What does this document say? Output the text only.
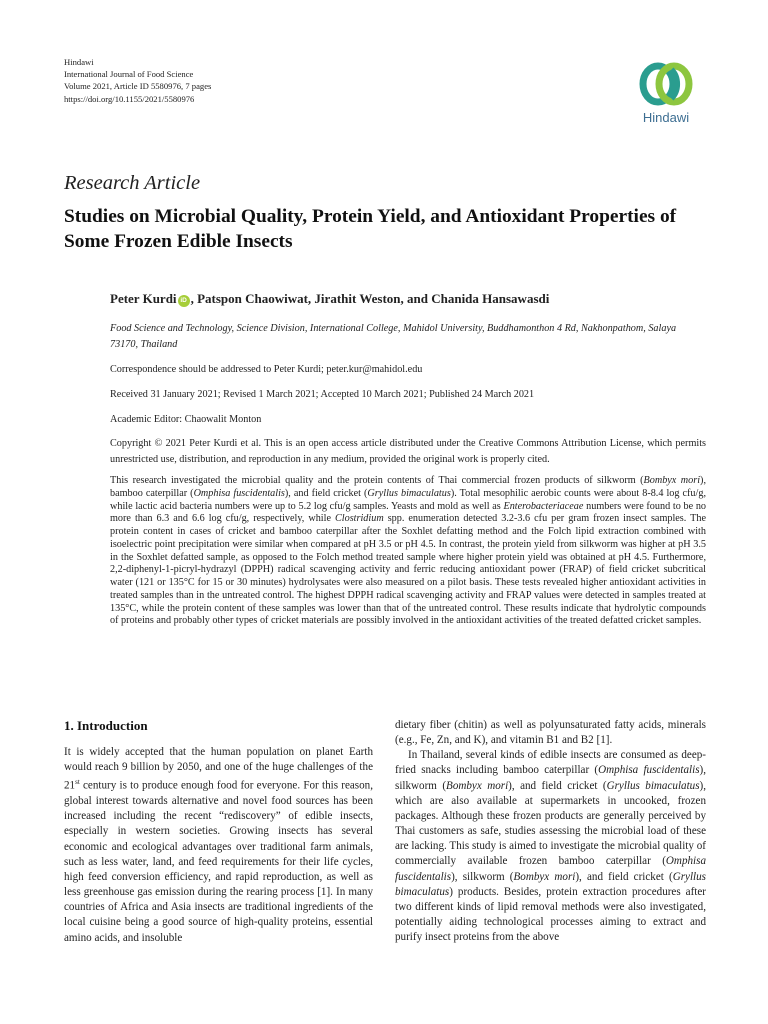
Hindawi
International Journal of Food Science
Volume 2021, Article ID 5580976, 7 pages
https://doi.org/10.1155/2021/5580976
Hindawi
Research Article
Studies on Microbial Quality, Protein Yield, and Antioxidant Properties of Some Frozen Edible Insects
Peter Kurdi iD , Patspon Chaowiwat, Jirathit Weston, and Chanida Hansawasdi
Food Science and Technology, Science Division, International College, Mahidol University, Buddhamonthon 4 Rd, Nakhonpathom, Salaya 73170, Thailand
Correspondence should be addressed to Peter Kurdi; peter.kur@mahidol.edu
Received 31 January 2021; Revised 1 March 2021; Accepted 10 March 2021; Published 24 March 2021
Academic Editor: Chaowalit Monton
Copyright © 2021 Peter Kurdi et al. This is an open access article distributed under the Creative Commons Attribution License, which permits unrestricted use, distribution, and reproduction in any medium, provided the original work is properly cited.
This research investigated the microbial quality and the protein contents of Thai commercial frozen products of silkworm (Bombyx mori), bamboo caterpillar (Omphisa fuscidentalis), and field cricket (Gryllus bimaculatus). Total mesophilic aerobic counts were about 8-8.4 log cfu/g, while lactic acid bacteria numbers were up to 5.2 log cfu/g samples. Yeasts and mold as well as Enterobacteriaceae numbers were found to be no more than 6.3 and 6.6 log cfu/g, respectively, while Clostridium spp. enumeration detected 3.2-3.6 cfu per gram frozen insect samples. The protein content in cases of cricket and bamboo caterpillar after the Soxhlet defatting method and the Folch lipid extraction combined with isoelectric point precipitation were similar when compared at pH 3.5 or pH 4.5. In contrast, the protein yield from silkworm was higher at pH 3.5 in the Soxhlet defatted sample, as opposed to the Folch method treated sample where higher protein yield was obtained at pH 4.5. Furthermore, 2,2-diphenyl-1-picryl-hydrazyl (DPPH) radical scavenging activity and ferric reducing antioxidant power (FRAP) of field cricket subcritical water (121 or 135°C for 15 or 30 minutes) hydrolysates were also measured on a pilot basis. These tests revealed higher antioxidant activities in treated samples than in the untreated control. The highest DPPH radical scavenging activity and FRAP values were detected in samples treated at 135°C, while the protein content of these samples was lower than that of the untreated control. These results indicate that hydrolytic compounds of proteins and probably other types of cricket materials are possibly involved in the antioxidant activities of the treated defatted cricket samples.
1. Introduction

It is widely accepted that the human population on planet Earth would reach 9 billion by 2050, and one of the huge challenges of the 21st century is to produce enough food for everyone. For this reason, global interest towards alternative and novel food sources has been increased including the recent “rediscovery” of edible insects, especially in western societies. Growing insects has several economic and ecological advantages over traditional farm animals, such as less water, land, and feed requirements for their life cycles, high feed conversion efficiency, and rapid reproduction, as well as less greenhouse gas emission during the rearing process [1]. In many countries of Africa and Asia insects are traditional ingredients of the local cuisine being a good source of high-quality proteins, essential amino acids, and insoluble

dietary fiber (chitin) as well as polyunsaturated fatty acids, minerals (e.g., Fe, Zn, and K), and vitamin B1 and B2 [1].

In Thailand, several kinds of edible insects are consumed as deep-fried snacks including bamboo caterpillar (Omphisa fuscidentalis), silkworm (Bombyx mori), and field cricket (Gryllus bimaculatus), which are also available at supermarkets in uncooked, frozen packages. Although these frozen products are generally perceived by Thai customers as safe, studies assessing the microbial load of these are lacking. This study is aimed to investigate the microbial quality of commercially available frozen bamboo caterpillar (Omphisa fuscidentalis), silkworm (Bombyx mori), and field cricket (Gryllus bimaculatus) products. Besides, protein extraction procedures after two different kinds of lipid removal methods were also investigated, potentially aiding technological processes aiming to extract and purify insect proteins from the above
